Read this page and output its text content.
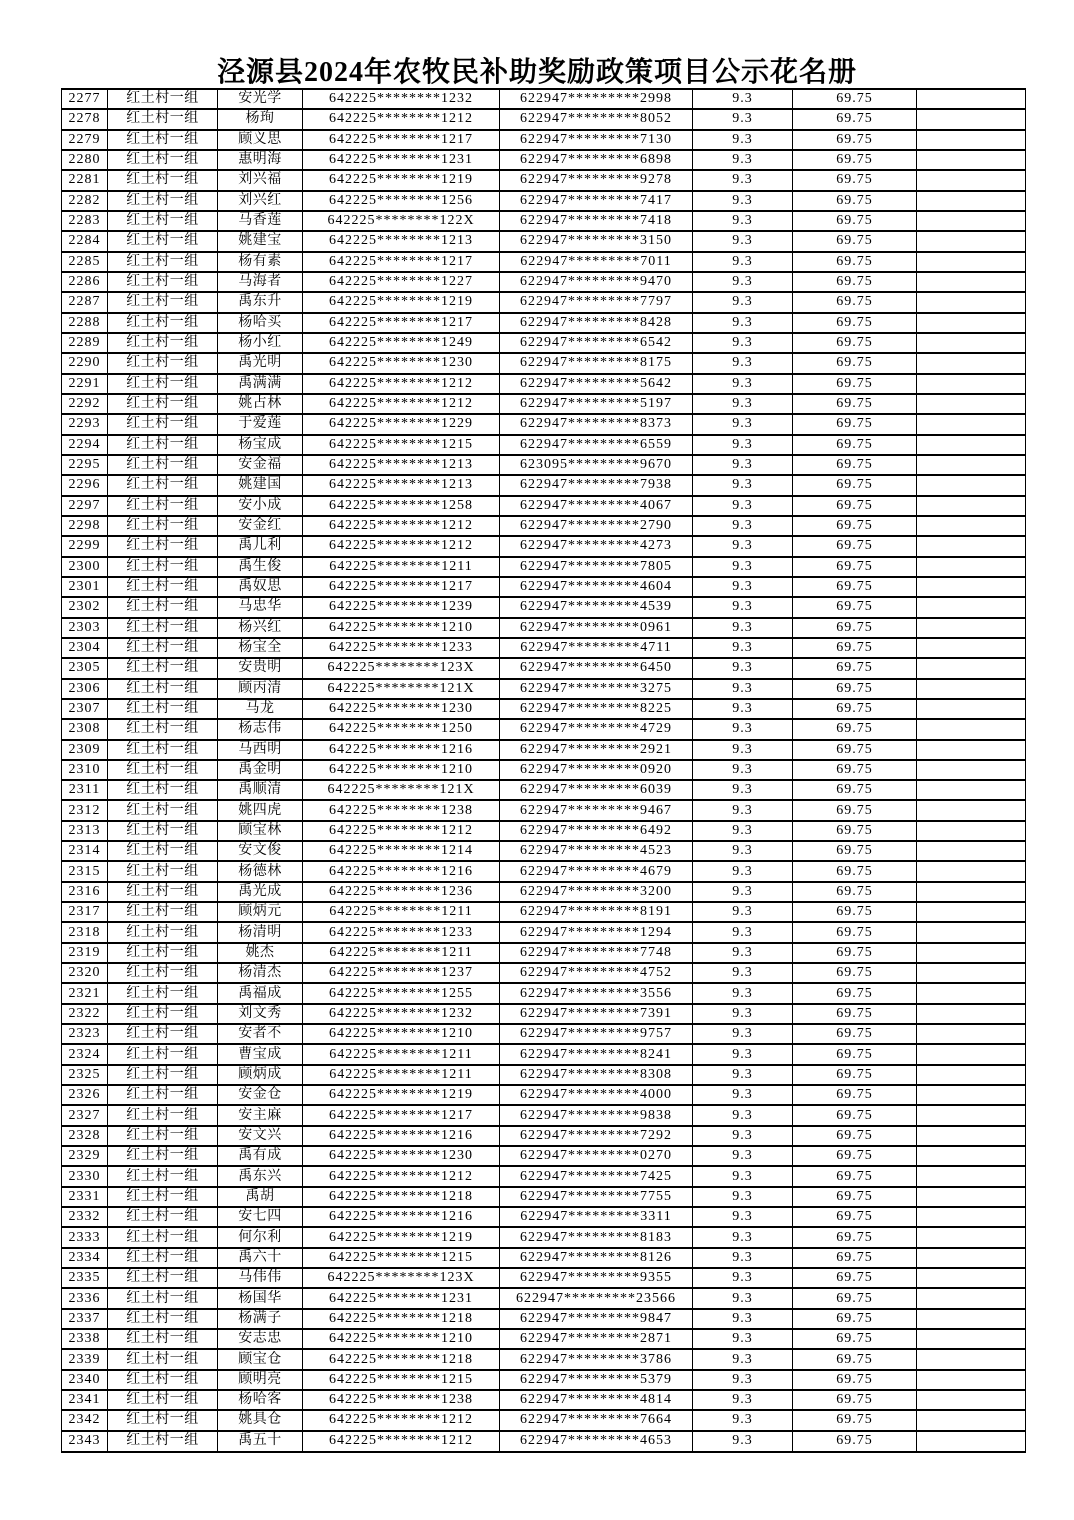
泾源县2024年农牧民补助奖励政策项目公示花名册
2277	红土村一组	安光学	642225********1232	622947*********2998	9.3	69.75	
2278	红土村一组	杨珣	642225********1212	622947*********8052	9.3	69.75	
2279	红土村一组	顾义思	642225********1217	622947*********7130	9.3	69.75	
2280	红土村一组	惠明海	642225********1231	622947*********6898	9.3	69.75	
2281	红土村一组	刘兴福	642225********1219	622947*********9278	9.3	69.75	
2282	红土村一组	刘兴红	642225********1256	622947*********7417	9.3	69.75	
2283	红土村一组	马香莲	642225********122X	622947*********7418	9.3	69.75	
2284	红土村一组	姚建宝	642225********1213	622947*********3150	9.3	69.75	
2285	红土村一组	杨有素	642225********1217	622947*********7011	9.3	69.75	
2286	红土村一组	马海者	642225********1227	622947*********9470	9.3	69.75	
2287	红土村一组	禹东升	642225********1219	622947*********7797	9.3	69.75	
2288	红土村一组	杨哈买	642225********1217	622947*********8428	9.3	69.75	
2289	红土村一组	杨小红	642225********1249	622947*********6542	9.3	69.75	
2290	红土村一组	禹光明	642225********1230	622947*********8175	9.3	69.75	
2291	红土村一组	禹满满	642225********1212	622947*********5642	9.3	69.75	
2292	红土村一组	姚占林	642225********1212	622947*********5197	9.3	69.75	
2293	红土村一组	于爱莲	642225********1229	622947*********8373	9.3	69.75	
2294	红土村一组	杨宝成	642225********1215	622947*********6559	9.3	69.75	
2295	红土村一组	安金福	642225********1213	623095*********9670	9.3	69.75	
2296	红土村一组	姚建国	642225********1213	622947*********7938	9.3	69.75	
2297	红土村一组	安小成	642225********1258	622947*********4067	9.3	69.75	
2298	红土村一组	安金红	642225********1212	622947*********2790	9.3	69.75	
2299	红土村一组	禹儿利	642225********1212	622947*********4273	9.3	69.75	
2300	红土村一组	禹生俊	642225********1211	622947*********7805	9.3	69.75	
2301	红土村一组	禹奴思	642225********1217	622947*********4604	9.3	69.75	
2302	红土村一组	马忠华	642225********1239	622947*********4539	9.3	69.75	
2303	红土村一组	杨兴红	642225********1210	622947*********0961	9.3	69.75	
2304	红土村一组	杨宝全	642225********1233	622947*********4711	9.3	69.75	
2305	红土村一组	安贵明	642225********123X	622947*********6450	9.3	69.75	
2306	红土村一组	顾丙清	642225********121X	622947*********3275	9.3	69.75	
2307	红土村一组	马龙	642225********1230	622947*********8225	9.3	69.75	
2308	红土村一组	杨志伟	642225********1250	622947*********4729	9.3	69.75	
2309	红土村一组	马西明	642225********1216	622947*********2921	9.3	69.75	
2310	红土村一组	禹金明	642225********1210	622947*********0920	9.3	69.75	
2311	红土村一组	禹顺清	642225********121X	622947*********6039	9.3	69.75	
2312	红土村一组	姚四虎	642225********1238	622947*********9467	9.3	69.75	
2313	红土村一组	顾宝林	642225********1212	622947*********6492	9.3	69.75	
2314	红土村一组	安文俊	642225********1214	622947*********4523	9.3	69.75	
2315	红土村一组	杨德林	642225********1216	622947*********4679	9.3	69.75	
2316	红土村一组	禹光成	642225********1236	622947*********3200	9.3	69.75	
2317	红土村一组	顾炳元	642225********1211	622947*********8191	9.3	69.75	
2318	红土村一组	杨清明	642225********1233	622947*********1294	9.3	69.75	
2319	红土村一组	姚杰	642225********1211	622947*********7748	9.3	69.75	
2320	红土村一组	杨清杰	642225********1237	622947*********4752	9.3	69.75	
2321	红土村一组	禹福成	642225********1255	622947*********3556	9.3	69.75	
2322	红土村一组	刘文秀	642225********1232	622947*********7391	9.3	69.75	
2323	红土村一组	安者不	642225********1210	622947*********9757	9.3	69.75	
2324	红土村一组	曹宝成	642225********1211	622947*********8241	9.3	69.75	
2325	红土村一组	顾炳成	642225********1211	622947*********8308	9.3	69.75	
2326	红土村一组	安金仓	642225********1219	622947*********4000	9.3	69.75	
2327	红土村一组	安主麻	642225********1217	622947*********9838	9.3	69.75	
2328	红土村一组	安文兴	642225********1216	622947*********7292	9.3	69.75	
2329	红土村一组	禹有成	642225********1230	622947*********0270	9.3	69.75	
2330	红土村一组	禹东兴	642225********1212	622947*********7425	9.3	69.75	
2331	红土村一组	禹胡	642225********1218	622947*********7755	9.3	69.75	
2332	红土村一组	安七四	642225********1216	622947*********3311	9.3	69.75	
2333	红土村一组	何尔利	642225********1219	622947*********8183	9.3	69.75	
2334	红土村一组	禹六十	642225********1215	622947*********8126	9.3	69.75	
2335	红土村一组	马伟伟	642225********123X	622947*********9355	9.3	69.75	
2336	红土村一组	杨国华	642225********1231	622947*********23566	9.3	69.75	
2337	红土村一组	杨满子	642225********1218	622947*********9847	9.3	69.75	
2338	红土村一组	安志忠	642225********1210	622947*********2871	9.3	69.75	
2339	红土村一组	顾宝仓	642225********1218	622947*********3786	9.3	69.75	
2340	红土村一组	顾明亮	642225********1215	622947*********5379	9.3	69.75	
2341	红土村一组	杨哈客	642225********1238	622947*********4814	9.3	69.75	
2342	红土村一组	姚具仓	642225********1212	622947*********7664	9.3	69.75	
2343	红土村一组	禹五十	642225********1212	622947*********4653	9.3	69.75	
